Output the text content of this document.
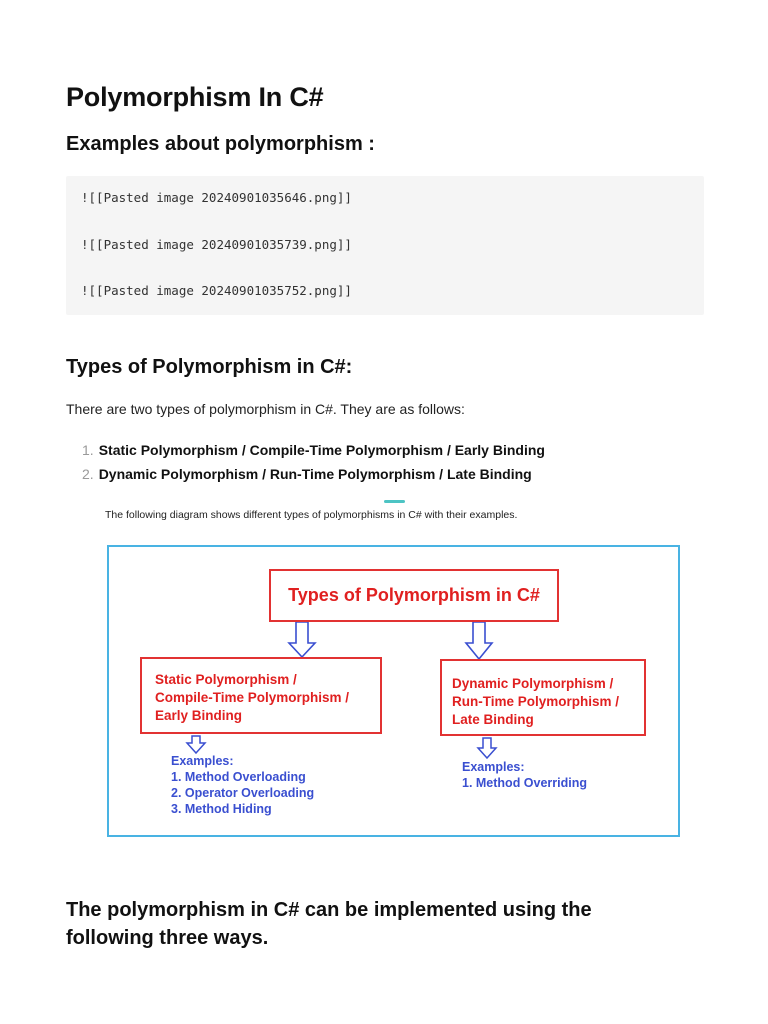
Polymorphism In C#
Examples about polymorphism :
![[Pasted image 20240901035646.png]]
![[Pasted image 20240901035739.png]]
![[Pasted image 20240901035752.png]]
Types of Polymorphism in C#:
There are two types of polymorphism in C#. They are as follows:
1. Static Polymorphism / Compile-Time Polymorphism / Early Binding
2. Dynamic Polymorphism / Run-Time Polymorphism / Late Binding
The following diagram shows different types of polymorphisms in C# with their examples.
Types of Polymorphism in C#
Static Polymorphism /
Compile-Time Polymorphism /
Early Binding
Dynamic Polymorphism /
Run-Time Polymorphism /
Late Binding
Examples:
1. Method Overloading
2. Operator Overloading
3. Method Hiding
Examples:
1. Method Overriding
The polymorphism in C# can be implemented using the following three ways.
